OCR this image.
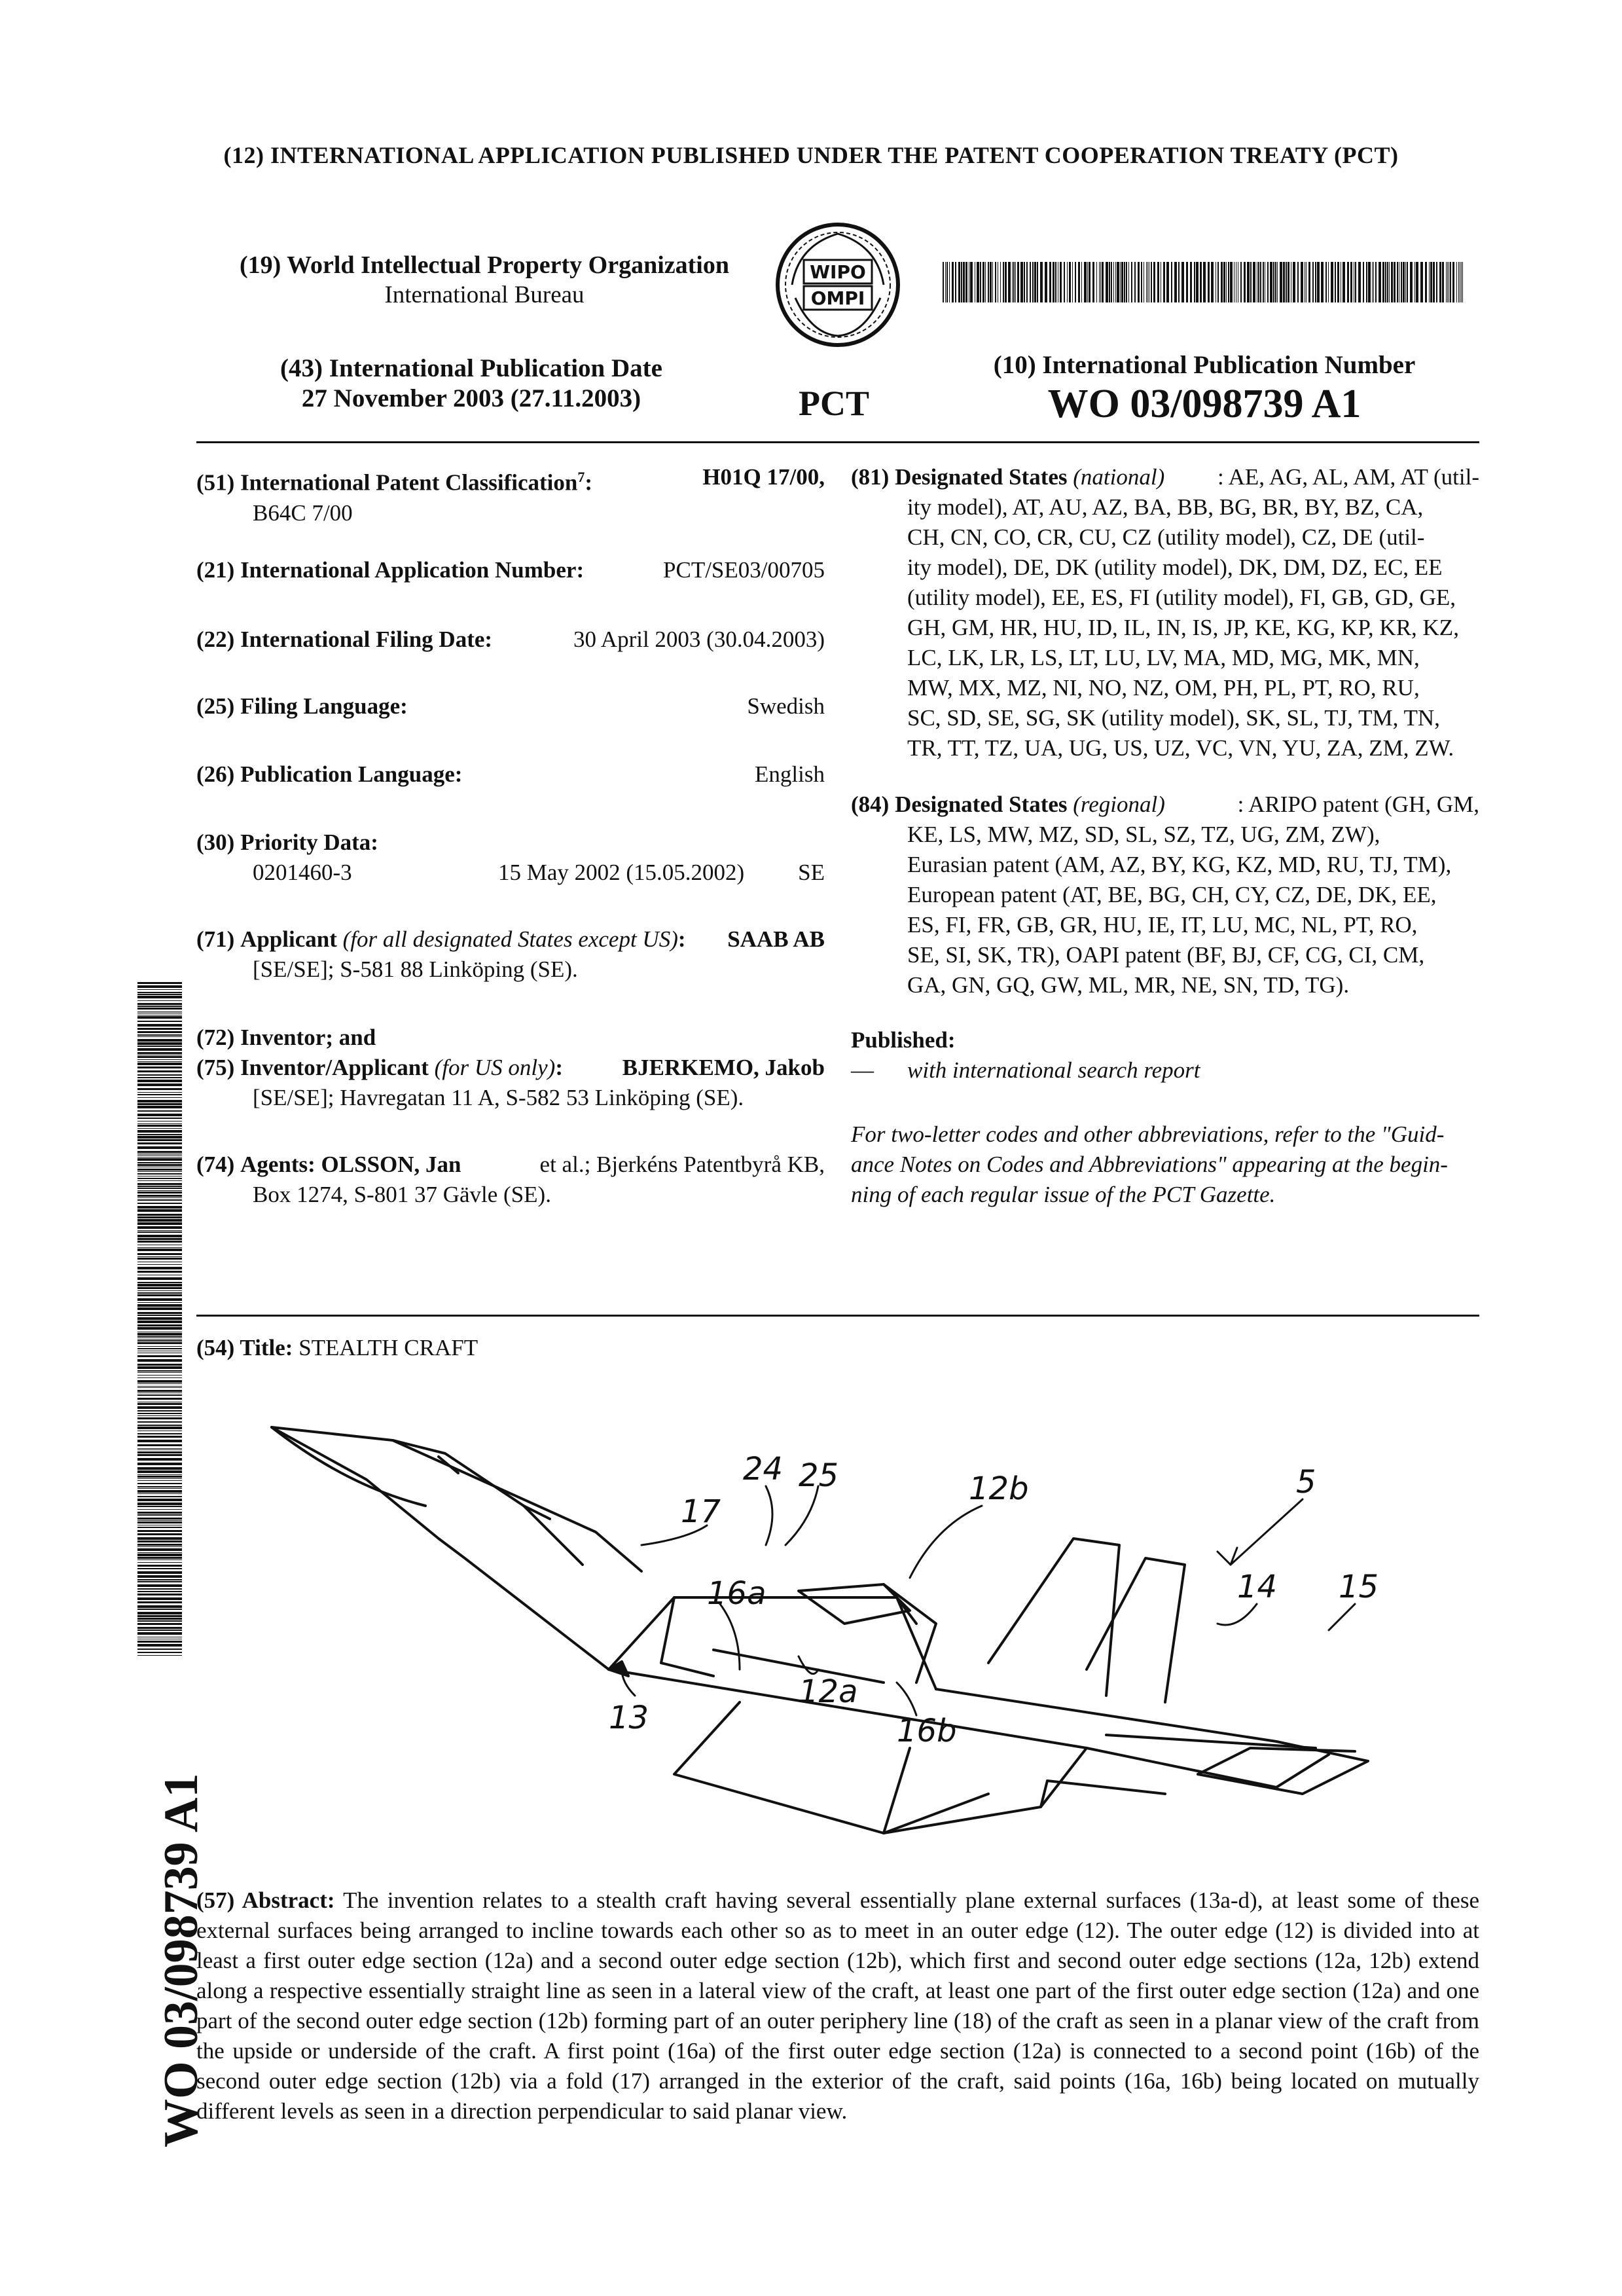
(12) INTERNATIONAL APPLICATION PUBLISHED UNDER THE PATENT COOPERATION TREATY (PCT)
(19) World Intellectual Property Organization
International Bureau
WIPO
OMPI
(43) International Publication Date
27 November 2003 (27.11.2003)	PCT
(10) International Publication Number
WO 03/098739 A1
WO 03/098739 A1
(51) International Patent Classification$^7$:	H01Q 17/00,
B64C 7/00
(21) International Application Number:	PCT/SE03/00705
(22) International Filing Date:	30 April 2003 (30.04.2003)
(25) Filing Language:	Swedish
(26) Publication Language:	English
(30) Priority Data:
0201460-3	15 May 2002 (15.05.2002)	SE
(71) Applicant (for all designated States except US): SAAB AB
[SE/SE]; S-581 88 Linköping (SE).
(72) Inventor; and
(75) Inventor/Applicant (for US only):	BJERKEMO, Jakob
[SE/SE]; Havregatan 11 A, S-582 53 Linköping (SE).
(74) Agents: OLSSON, Jan	et al.; Bjerkéns Patentbyrå KB,
Box 1274, S-801 37 Gävle (SE).
(81) Designated States (national) : AE, AG, AL, AM, AT (util-
ity model), AT, AU, AZ, BA, BB, BG, BR, BY, BZ, CA,
CH, CN, CO, CR, CU, CZ (utility model), CZ, DE (util-
ity model), DE, DK (utility model), DK, DM, DZ, EC, EE
(utility model), EE, ES, FI (utility model), FI, GB, GD, GE,
GH, GM, HR, HU, ID, IL, IN, IS, JP, KE, KG, KP, KR, KZ,
LC, LK, LR, LS, LT, LU, LV, MA, MD, MG, MK, MN,
MW, MX, MZ, NI, NO, NZ, OM, PH, PL, PT, RO, RU,
SC, SD, SE, SG, SK (utility model), SK, SL, TJ, TM, TN,
TR, TT, TZ, UA, UG, US, UZ, VC, VN, YU, ZA, ZM, ZW.
(84) Designated States (regional)	: ARIPO patent (GH, GM,
KE, LS, MW, MZ, SD, SL, SZ, TZ, UG, ZM, ZW),
Eurasian patent (AM, AZ, BY, KG, KZ, MD, RU, TJ, TM),
European patent (AT, BE, BG, CH, CY, CZ, DE, DK, EE,
ES, FI, FR, GB, GR, HU, IE, IT, LU, MC, NL, PT, RO,
SE, SI, SK, TR), OAPI patent (BF, BJ, CF, CG, CI, CM,
GA, GN, GQ, GW, ML, MR, NE, SN, TD, TG).
Published:
—	with international search report
For two-letter codes and other abbreviations, refer to the "Guid-
ance Notes on Codes and Abbreviations" appearing at the begin-
ning of each regular issue of the PCT Gazette.
(54) Title: STEALTH CRAFT
24 25	12b
17
5
14 15
16a
12a
13	16b
(57) Abstract: The invention relates to a stealth craft having several essentially plane external surfaces (13a-d), at least some of these external surfaces being arranged to incline towards each other so as to meet in an outer edge (12). The outer edge (12) is divided into at least a first outer edge section (12a) and a second outer edge section (12b), which first and second outer edge sections (12a, 12b) extend along a respective essentially straight line as seen in a lateral view of the craft, at least one part of the first outer edge section (12a) and one part of the second outer edge section (12b) forming part of an outer periphery line (18) of the craft as seen in a planar view of the craft from the upside or underside of the craft. A first point (16a) of the first outer edge section (12a) is connected to a second point (16b) of the second outer edge section (12b) via a fold (17) arranged in the exterior of the craft, said points (16a, 16b) being located on mutually different levels as seen in a direction perpendicular to said planar view.
